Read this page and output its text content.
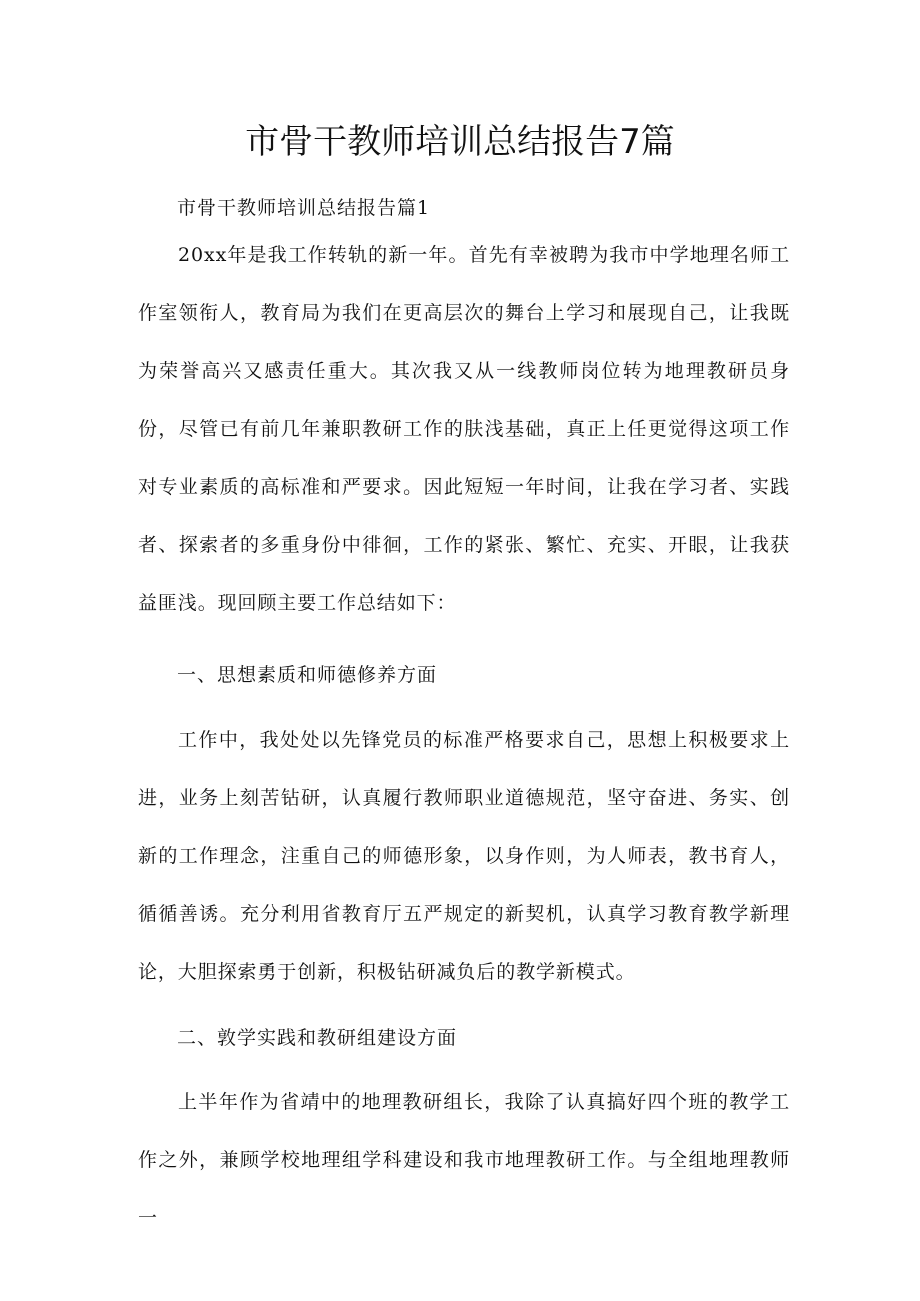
市骨干教师培训总结报告7篇

市骨干教师培训总结报告篇1

20xx年是我工作转轨的新一年。首先有幸被聘为我市中学地理名师工作室领衔人，教育局为我们在更高层次的舞台上学习和展现自己，让我既为荣誉高兴又感责任重大。其次我又从一线教师岗位转为地理教研员身份，尽管已有前几年兼职教研工作的肤浅基础，真正上任更觉得这项工作对专业素质的高标准和严要求。因此短短一年时间，让我在学习者、实践者、探索者的多重身份中徘徊，工作的紧张、繁忙、充实、开眼，让我获益匪浅。现回顾主要工作总结如下：

一、思想素质和师德修养方面

工作中，我处处以先锋党员的标准严格要求自己，思想上积极要求上进，业务上刻苦钻研，认真履行教师职业道德规范，坚守奋进、务实、创新的工作理念，注重自己的师德形象，以身作则，为人师表，教书育人，循循善诱。充分利用省教育厅五严规定的新契机，认真学习教育教学新理论，大胆探索勇于创新，积极钻研减负后的教学新模式。

二、敦学实践和教研组建设方面

上半年作为省靖中的地理教研组长，我除了认真搞好四个班的教学工作之外，兼顾学校地理组学科建设和我市地理教研工作。与全组地理教师一
